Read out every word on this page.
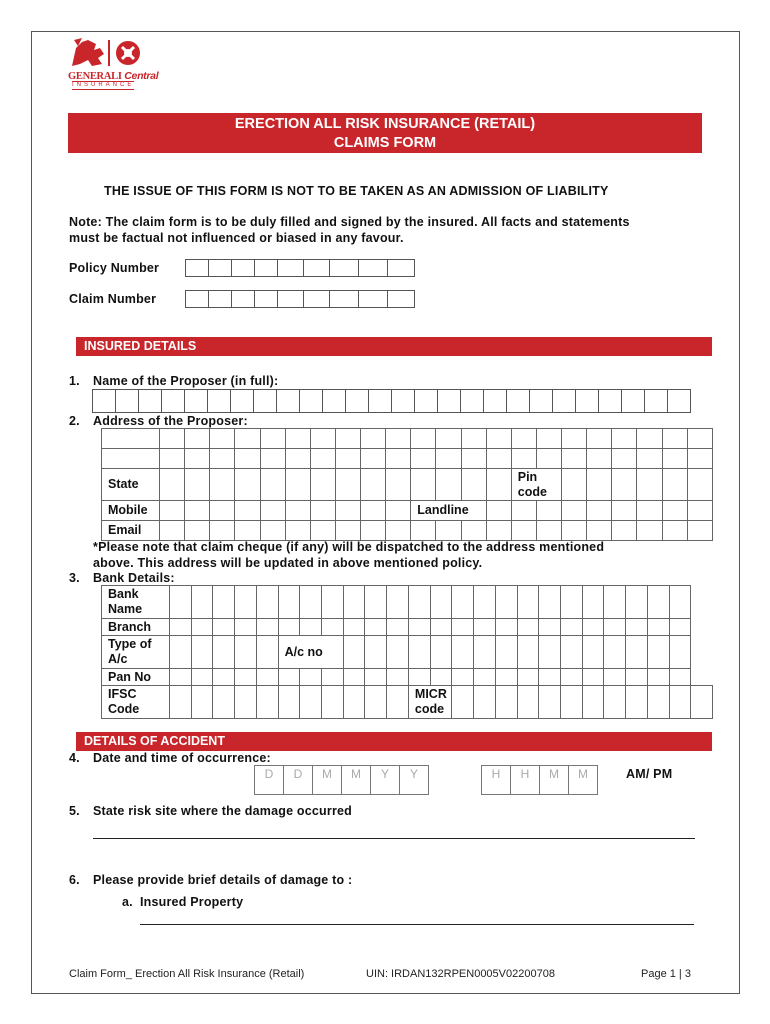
GENERALI Central
INSURANCE
ERECTION ALL RISK INSURANCE (RETAIL)
CLAIMS FORM
THE ISSUE OF THIS FORM IS NOT TO BE TAKEN AS AN ADMISSION OF LIABILITY
Note: The claim form is to be duly filled and signed by the insured. All facts and statements
must be factual not influenced or biased in any favour.
Policy Number
Claim Number
INSURED DETAILS
1. Name of the Proposer (in full):
2. Address of the Proposer:

State															Pin
code							
Mobile											Landline											
Email																						
*Please note that claim cheque (if any) will be dispatched to the address mentioned
above. This address will be updated in above mentioned policy.
3. Bank Details:
Bank
Name																									
Branch																									
Type of
A/c						A/c no																			
Pan No																									
IFSC
Code												MICR
code													
DETAILS OF ACCIDENT
4. Date and time of occurrence:
D	D	M	M	Y	Y	H	H	M	M	AM/ PM
5. State risk site where the damage occurred
6. Please provide brief details of damage to :
a. Insured Property
Claim Form_ Erection All Risk Insurance (Retail)	UIN: IRDAN132RPEN0005V02200708	Page 1 | 3
